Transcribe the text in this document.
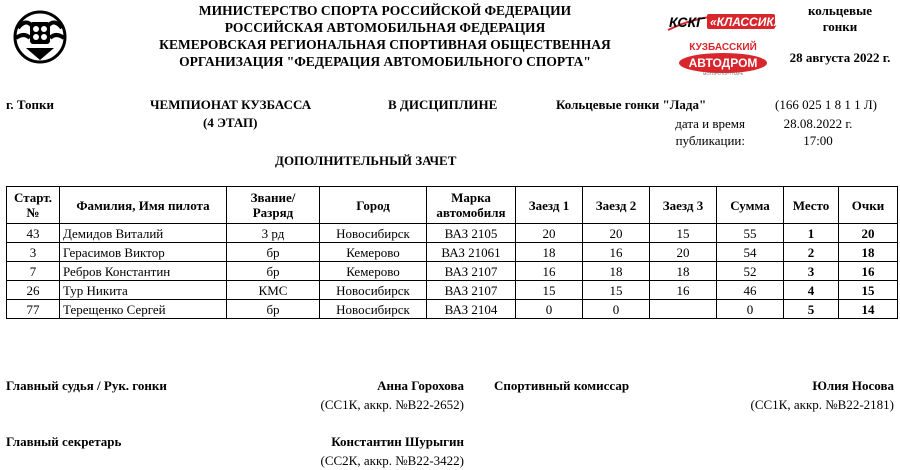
МИНИСТЕРСТВО СПОРТА РОССИЙСКОЙ ФЕДЕРАЦИИ
РОССИЙСКАЯ АВТОМОБИЛЬНАЯ ФЕДЕРАЦИЯ
КЕМЕРОВСКАЯ РЕГИОНАЛЬНАЯ СПОРТИВНАЯ ОБЩЕСТВЕННАЯ
ОРГАНИЗАЦИЯ "ФЕДЕРАЦИЯ АВТОМОБИЛЬНОГО СПОРТА"
КСКГ «КЛАССИКА»
КУЗБАССКИЙ
АВТОДРОМ
МОТОРСПОРТ ПАРК
кольцевые
гонки
28 августа 2022 г.
г. Топки	ЧЕМПИОНАТ КУЗБАССА
(4 ЭТАП)
В ДИСЦИПЛИНЕ	Кольцевые гонки "Лада"	(166 025 1 8 1 1 Л)
дата и время
публикации:
28.08.2022 г.
17:00
ДОПОЛНИТЕЛЬНЫЙ ЗАЧЕТ
Старт.
№	Фамилия, Имя пилота	Звание/
Разряд	Город	Марка
автомобиля	Заезд 1	Заезд 2	Заезд 3	Сумма	Место	Очки
43	Демидов Виталий	3 рд	Новосибирск	ВАЗ 2105	20	20	15	55	1	20
3	Герасимов Виктор	бр	Кемерово	ВАЗ 21061	18	16	20	54	2	18
7	Ребров Константин	бр	Кемерово	ВАЗ 2107	16	18	18	52	3	16
26	Тур Никита	КМС	Новосибирск	ВАЗ 2107	15	15	16	46	4	15
77	Терещенко Сергей	бр	Новосибирск	ВАЗ 2104	0	0		0	5	14
Главный судья / Рук. гонки	Анна Горохова
(СС1К, аккр. №В22-2652)
Спортивный комиссар	Юлия Носова
(СС1К, аккр. №В22-2181)
Главный секретарь	Константин Шурыгин
(СС2К, аккр. №В22-3422)
